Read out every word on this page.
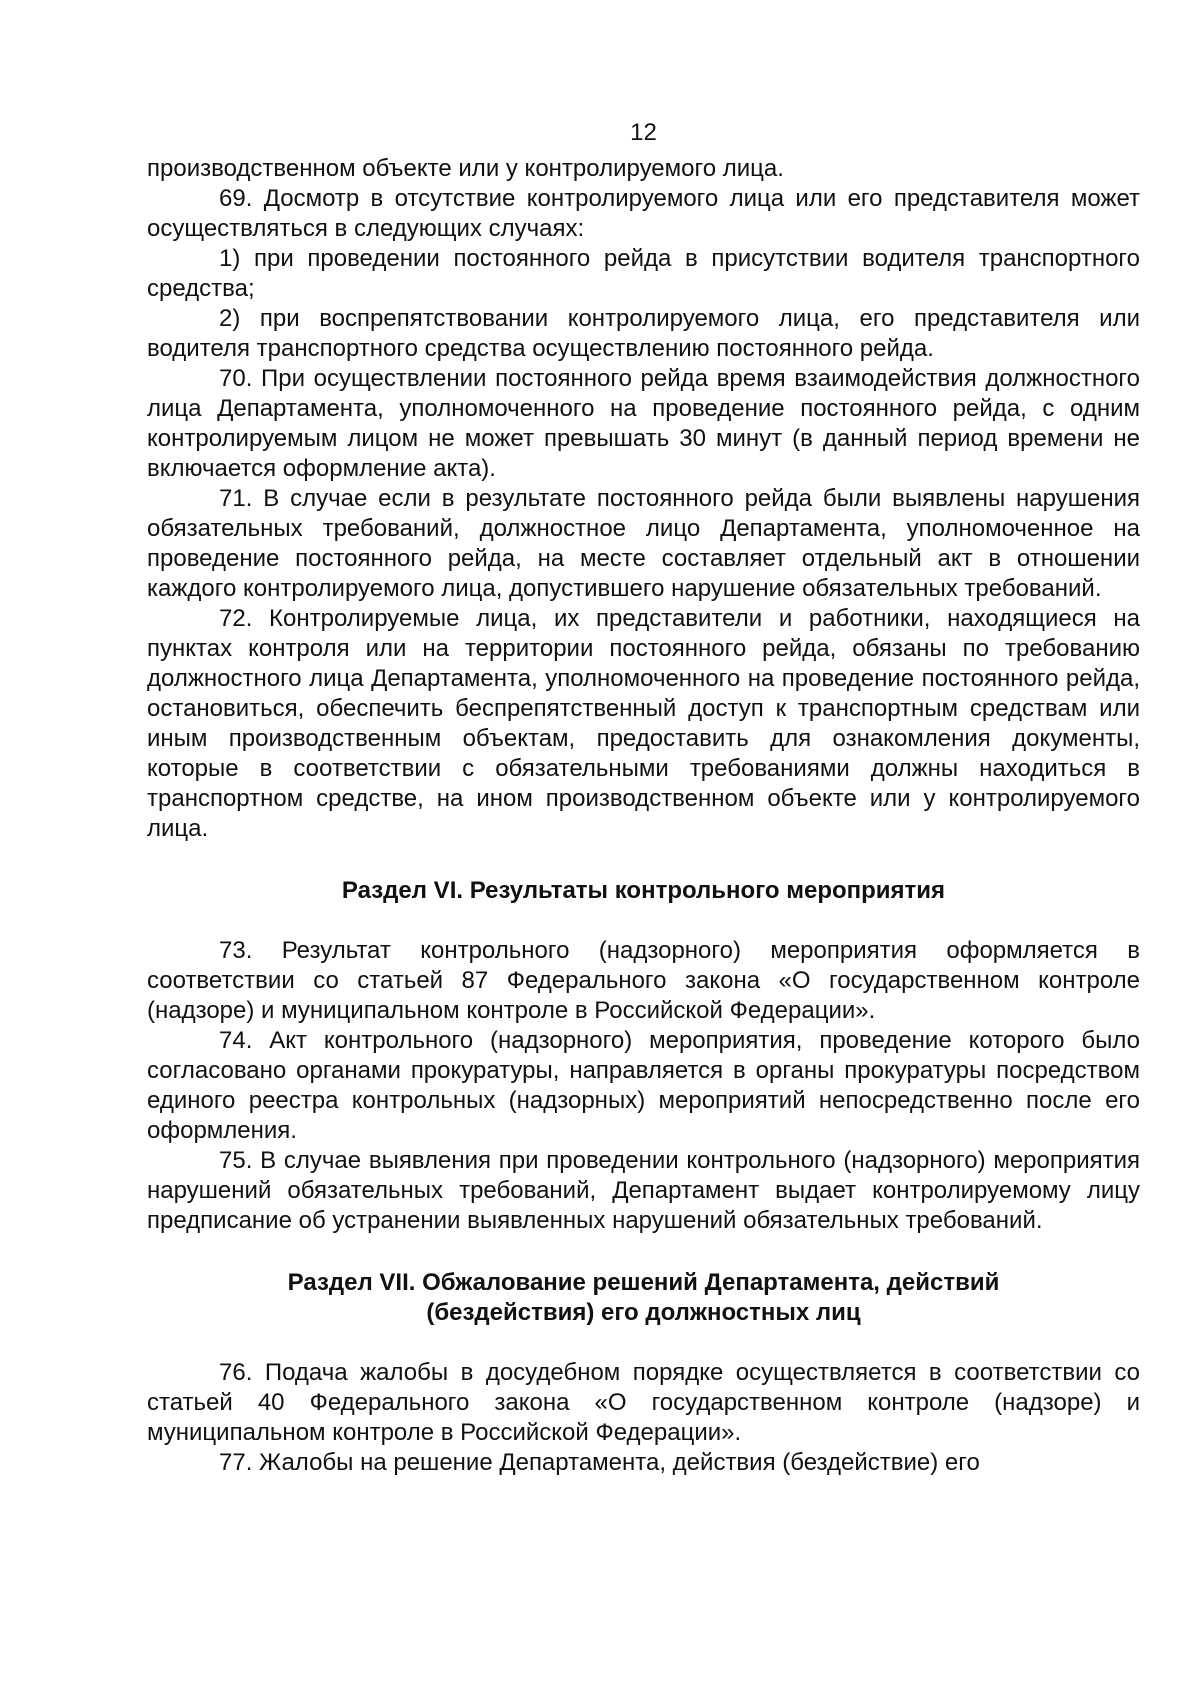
12

производственном объекте или у контролируемого лица.

69. Досмотр в отсутствие контролируемого лица или его представителя может осуществляться в следующих случаях:

1) при проведении постоянного рейда в присутствии водителя транспортного средства;

2) при воспрепятствовании контролируемого лица, его представителя или водителя транспортного средства осуществлению постоянного рейда.

70. При осуществлении постоянного рейда время взаимодействия должностного лица Департамента, уполномоченного на проведение постоянного рейда, с одним контролируемым лицом не может превышать 30 минут (в данный период времени не включается оформление акта).

71. В случае если в результате постоянного рейда были выявлены нарушения обязательных требований, должностное лицо Департамента, уполномоченное на проведение постоянного рейда, на месте составляет отдельный акт в отношении каждого контролируемого лица, допустившего нарушение обязательных требований.

72. Контролируемые лица, их представители и работники, находящиеся на пунктах контроля или на территории постоянного рейда, обязаны по требованию должностного лица Департамента, уполномоченного на проведение постоянного рейда, остановиться, обеспечить беспрепятственный доступ к транспортным средствам или иным производственным объектам, предоставить для ознакомления документы, которые в соответствии с обязательными требованиями должны находиться в транспортном средстве, на ином производственном объекте или у контролируемого лица.

Раздел VI. Результаты контрольного мероприятия

73. Результат контрольного (надзорного) мероприятия оформляется в соответствии со статьей 87 Федерального закона «О государственном контроле (надзоре) и муниципальном контроле в Российской Федерации».

74. Акт контрольного (надзорного) мероприятия, проведение которого было согласовано органами прокуратуры, направляется в органы прокуратуры посредством единого реестра контрольных (надзорных) мероприятий непосредственно после его оформления.

75. В случае выявления при проведении контрольного (надзорного) мероприятия нарушений обязательных требований, Департамент выдает контролируемому лицу предписание об устранении выявленных нарушений обязательных требований.

Раздел VII. Обжалование решений Департамента, действий
(бездействия) его должностных лиц

76. Подача жалобы в досудебном порядке осуществляется в соответствии со статьей 40 Федерального закона «О государственном контроле (надзоре) и муниципальном контроле в Российской Федерации».

77. Жалобы на решение Департамента, действия (бездействие) его
